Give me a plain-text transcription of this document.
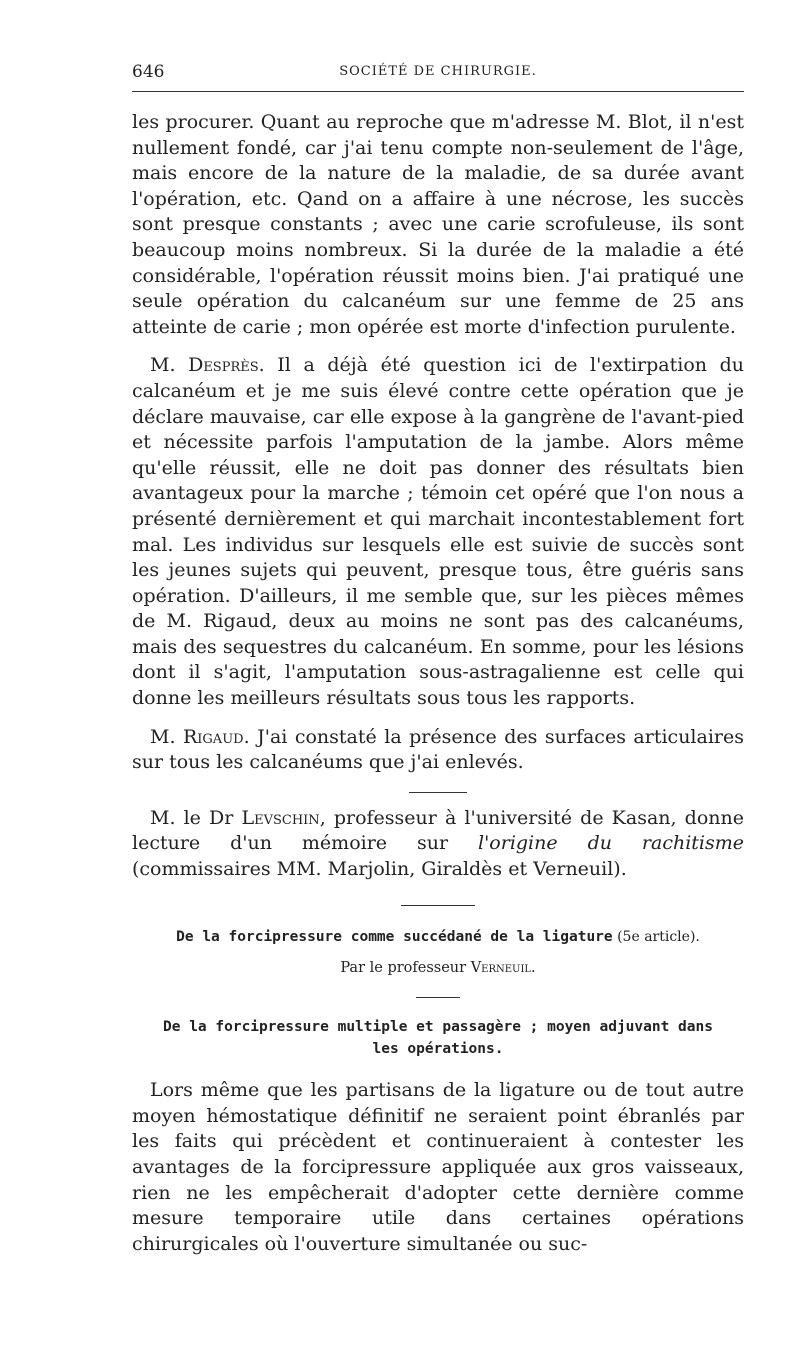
646	SOCIÉTÉ DE CHIRURGIE.

les procurer. Quant au reproche que m'adresse M. Blot, il n'est nullement fondé, car j'ai tenu compte non-seulement de l'âge, mais encore de la nature de la maladie, de sa durée avant l'opération, etc. Qand on a affaire à une nécrose, les succès sont presque constants ; avec une carie scrofuleuse, ils sont beaucoup moins nombreux. Si la durée de la maladie a été considérable, l'opération réussit moins bien. J'ai pratiqué une seule opération du calcanéum sur une femme de 25 ans atteinte de carie ; mon opérée est morte d'infection purulente.

M. Desprès. Il a déjà été question ici de l'extirpation du calcanéum et je me suis élevé contre cette opération que je déclare mauvaise, car elle expose à la gangrène de l'avant-pied et nécessite parfois l'amputation de la jambe. Alors même qu'elle réussit, elle ne doit pas donner des résultats bien avantageux pour la marche ; témoin cet opéré que l'on nous a présenté dernièrement et qui marchait incontestablement fort mal. Les individus sur lesquels elle est suivie de succès sont les jeunes sujets qui peuvent, presque tous, être guéris sans opération. D'ailleurs, il me semble que, sur les pièces mêmes de M. Rigaud, deux au moins ne sont pas des calcanéums, mais des sequestres du calcanéum. En somme, pour les lésions dont il s'agit, l'amputation sous-astragalienne est celle qui donne les meilleurs résultats sous tous les rapports.

M. Rigaud. J'ai constaté la présence des surfaces articulaires sur tous les calcanéums que j'ai enlevés.

M. le Dr Levschin, professeur à l'université de Kasan, donne lecture d'un mémoire sur l'origine du rachitisme (commissaires MM. Marjolin, Giraldès et Verneuil).

De la forcipressure comme succédané de la ligature (5e article).
Par le professeur Verneuil.
De la forcipressure multiple et passagère ; moyen adjuvant dans les opérations.

Lors même que les partisans de la ligature ou de tout autre moyen hémostatique définitif ne seraient point ébranlés par les faits qui précèdent et continueraient à contester les avantages de la forcipressure appliquée aux gros vaisseaux, rien ne les empêcherait d'adopter cette dernière comme mesure temporaire utile dans certaines opérations chirurgicales où l'ouverture simultanée ou suc-
